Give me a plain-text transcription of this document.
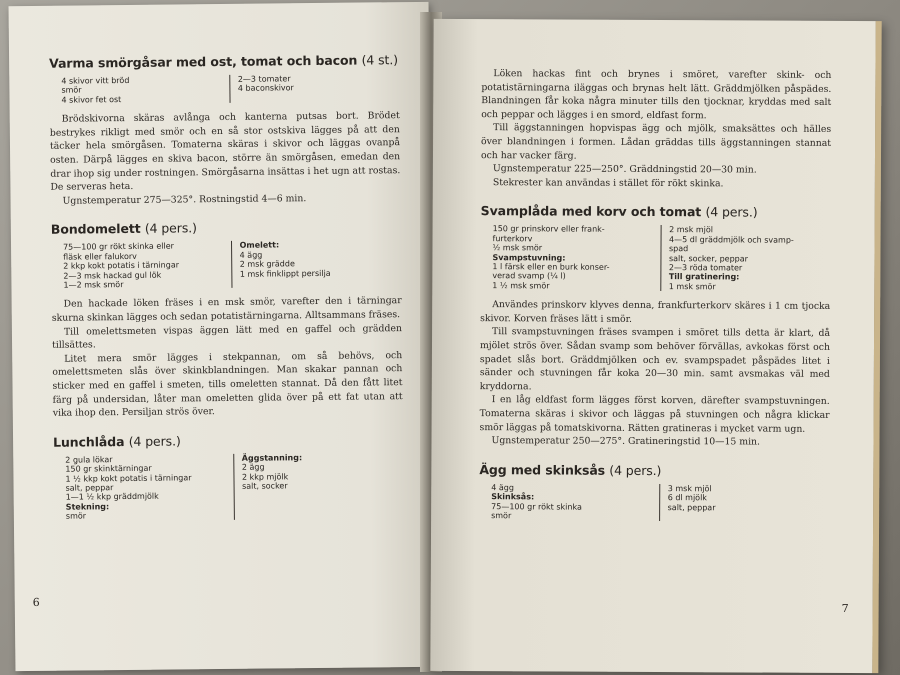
Varma smörgåsar med ost, tomat och bacon (4 st.)
4 skivor vitt bröd
smör
4 skivor fet ost
2—3 tomater
4 baconskivor

Brödskivorna skäras avlånga och kanterna putsas bort. Brödet bestrykes rikligt med smör och en så stor ostskiva lägges på att den täcker hela smörgåsen. Tomaterna skäras i skivor och läggas ovanpå osten. Därpå lägges en skiva bacon, större än smörgåsen, emedan den drar ihop sig under rostningen. Smörgåsarna insättas i het ugn att rostas. De serveras heta.

Ugnstemperatur 275—325°. Rostningstid 4—6 min.

Bondomelett (4 pers.)
75—100 gr rökt skinka eller
fläsk eller falukorv
2 kkp kokt potatis i tärningar
2—3 msk hackad gul lök
1—2 msk smör
Omelett:
4 ägg
2 msk grädde
1 msk finklippt persilja

Den hackade löken fräses i en msk smör, varefter den i tärningar skurna skinkan lägges och sedan potatistärningarna. Alltsammans fräses.

Till omelettsmeten vispas äggen lätt med en gaffel och grädden tillsättes.

Litet mera smör lägges i stekpannan, om så behövs, och omelettsmeten slås över skinkblandningen. Man skakar pannan och sticker med en gaffel i smeten, tills omeletten stannat. Då den fått litet färg på undersidan, låter man omeletten glida över på ett fat utan att vika ihop den. Persiljan strös över.

Lunchlåda (4 pers.)
2 gula lökar
150 gr skinktärningar
1 ½ kkp kokt potatis i tärningar
salt, peppar
1—1 ½ kkp gräddmjölk
Stekning:
smör
Äggstanning:
2 ägg
2 kkp mjölk
salt, socker
6

Löken hackas fint och brynes i smöret, varefter skink- och potatistärningarna iläggas och brynas helt lätt. Gräddmjölken påspädes. Blandningen får koka några minuter tills den tjocknar, kryddas med salt och peppar och lägges i en smord, eldfast form.

Till äggstanningen hopvispas ägg och mjölk, smaksättes och hälles över blandningen i formen. Lådan gräddas tills äggstanningen stannat och har vacker färg.

Ugnstemperatur 225—250°. Gräddningstid 20—30 min.

Stekrester kan användas i stället för rökt skinka.

Svamplåda med korv och tomat (4 pers.)
150 gr prinskorv eller frank-
furterkorv
½ msk smör
Svampstuvning:
1 l färsk eller en burk konser-
verad svamp (¼ l)
1 ½ msk smör
2 msk mjöl
4—5 dl gräddmjölk och svamp-
spad
salt, socker, peppar
2—3 röda tomater
Till gratinering:
1 msk smör

Användes prinskorv klyves denna, frankfurterkorv skäres i 1 cm tjocka skivor. Korven fräses lätt i smör.

Till svampstuvningen fräses svampen i smöret tills detta är klart, då mjölet strös över. Sådan svamp som behöver förvällas, avkokas först och spadet slås bort. Gräddmjölken och ev. svampspadet påspädes litet i sänder och stuvningen får koka 20—30 min. samt avsmakas väl med kryddorna.

I en låg eldfast form lägges först korven, därefter svampstuvningen. Tomaterna skäras i skivor och läggas på stuvningen och några klickar smör läggas på tomatskivorna. Rätten gratineras i mycket varm ugn.

Ugnstemperatur 250—275°. Gratineringstid 10—15 min.

Ägg med skinksås (4 pers.)
4 ägg
Skinksås:
75—100 gr rökt skinka
smör
3 msk mjöl
6 dl mjölk
salt, peppar
7
